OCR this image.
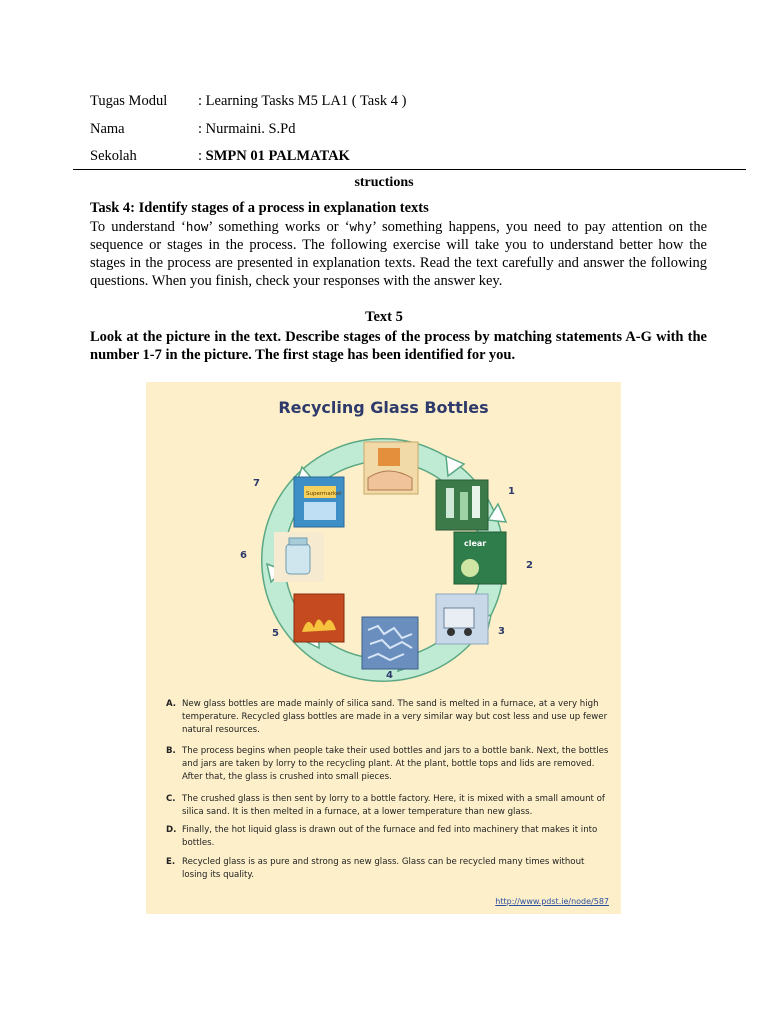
Tugas Modul : Learning Tasks M5 LA1 ( Task 4 )
Nama	: Nurmaini. S.Pd
Sekolah	: SMPN 01 PALMATAK
structions
Task 4: Identify stages of a process in explanation texts
To understand ‘how’ something works or ‘why’ something happens, you need to pay attention on the sequence or stages in the process. The following exercise will take you to understand better how the stages in the process are presented in explanation texts. Read the text carefully and answer the following questions. When you finish, check your responses with the answer key.
Text 5
Look at the picture in the text. Describe stages of the process by matching statements A-G with the number 1-7 in the picture. The first stage has been identified for you.
Recycling Glass Bottles
clear
Supermarket	1
2
3
4
5
6
7
A. New glass bottles are made mainly of silica sand. The sand is melted in a furnace, at a very high temperature. Recycled glass bottles are made in a very similar way but cost less and use up fewer natural resources.
B. The process begins when people take their used bottles and jars to a bottle bank. Next, the bottles and jars are taken by lorry to the recycling plant. At the plant, bottle tops and lids are removed. After that, the glass is crushed into small pieces.
C. The crushed glass is then sent by lorry to a bottle factory. Here, it is mixed with a small amount of silica sand. It is then melted in a furnace, at a lower temperature than new glass.
D. Finally, the hot liquid glass is drawn out of the furnace and fed into machinery that makes it into bottles.
E. Recycled glass is as pure and strong as new glass. Glass can be recycled many times without losing its quality.
http://www.pdst.ie/node/587
